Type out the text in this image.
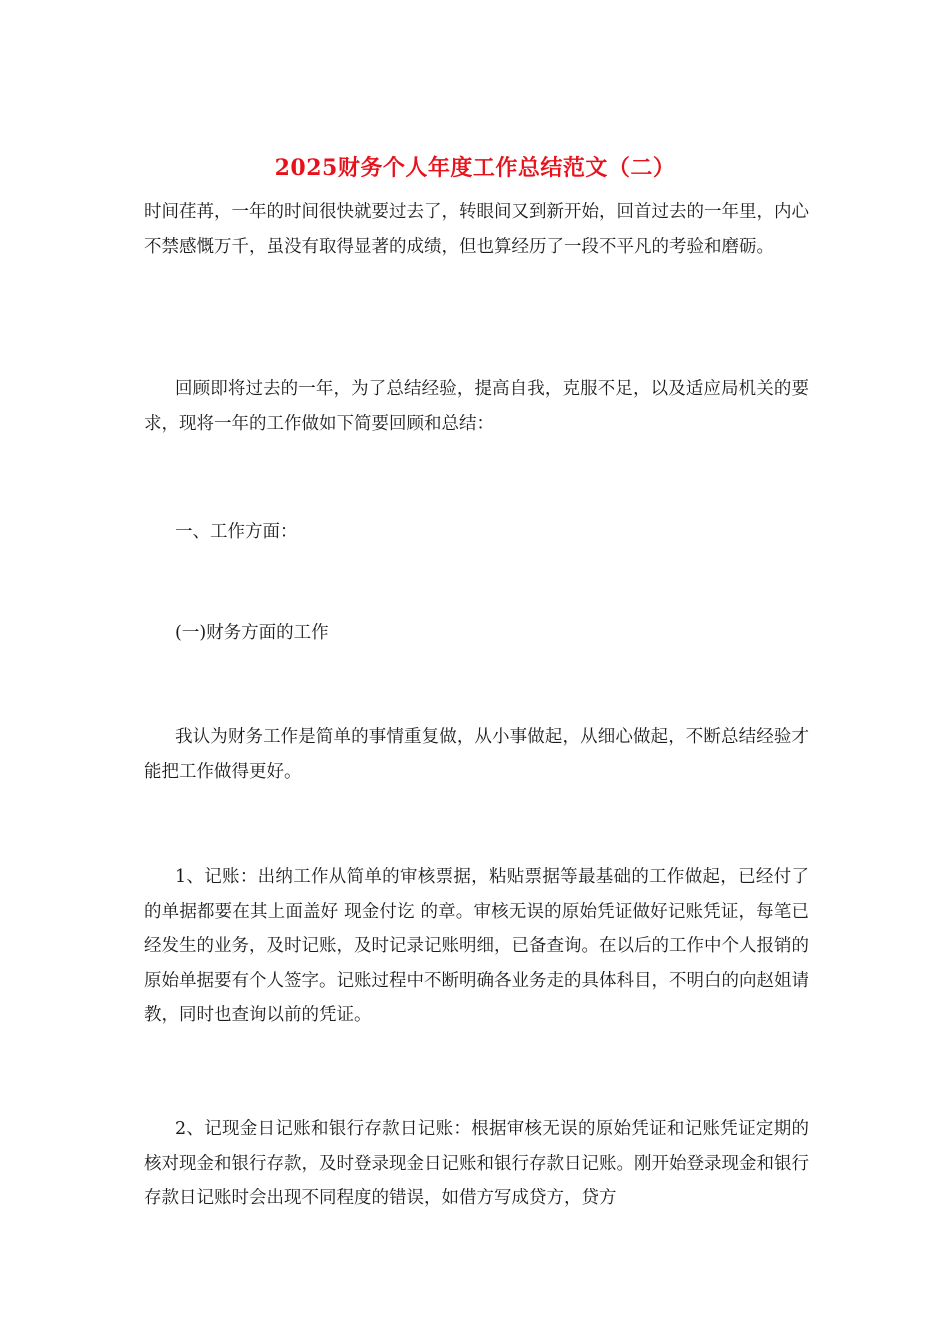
2025财务个人年度工作总结范文（二）

时间荏苒，一年的时间很快就要过去了，转眼间又到新开始，回首过去的一年里，内心不禁感慨万千，虽没有取得显著的成绩，但也算经历了一段不平凡的考验和磨砺。

回顾即将过去的一年，为了总结经验，提高自我，克服不足，以及适应局机关的要求，现将一年的工作做如下简要回顾和总结：

一、工作方面：

(一)财务方面的工作

我认为财务工作是简单的事情重复做，从小事做起，从细心做起，不断总结经验才能把工作做得更好。

1、记账：出纳工作从简单的审核票据，粘贴票据等最基础的工作做起，已经付了的单据都要在其上面盖好 现金付讫 的章。审核无误的原始凭证做好记账凭证，每笔已经发生的业务，及时记账，及时记录记账明细，已备查询。在以后的工作中个人报销的原始单据要有个人签字。记账过程中不断明确各业务走的具体科目，不明白的向赵姐请教，同时也查询以前的凭证。

2、记现金日记账和银行存款日记账：根据审核无误的原始凭证和记账凭证定期的核对现金和银行存款，及时登录现金日记账和银行存款日记账。刚开始登录现金和银行存款日记账时会出现不同程度的错误，如借方写成贷方，贷方
